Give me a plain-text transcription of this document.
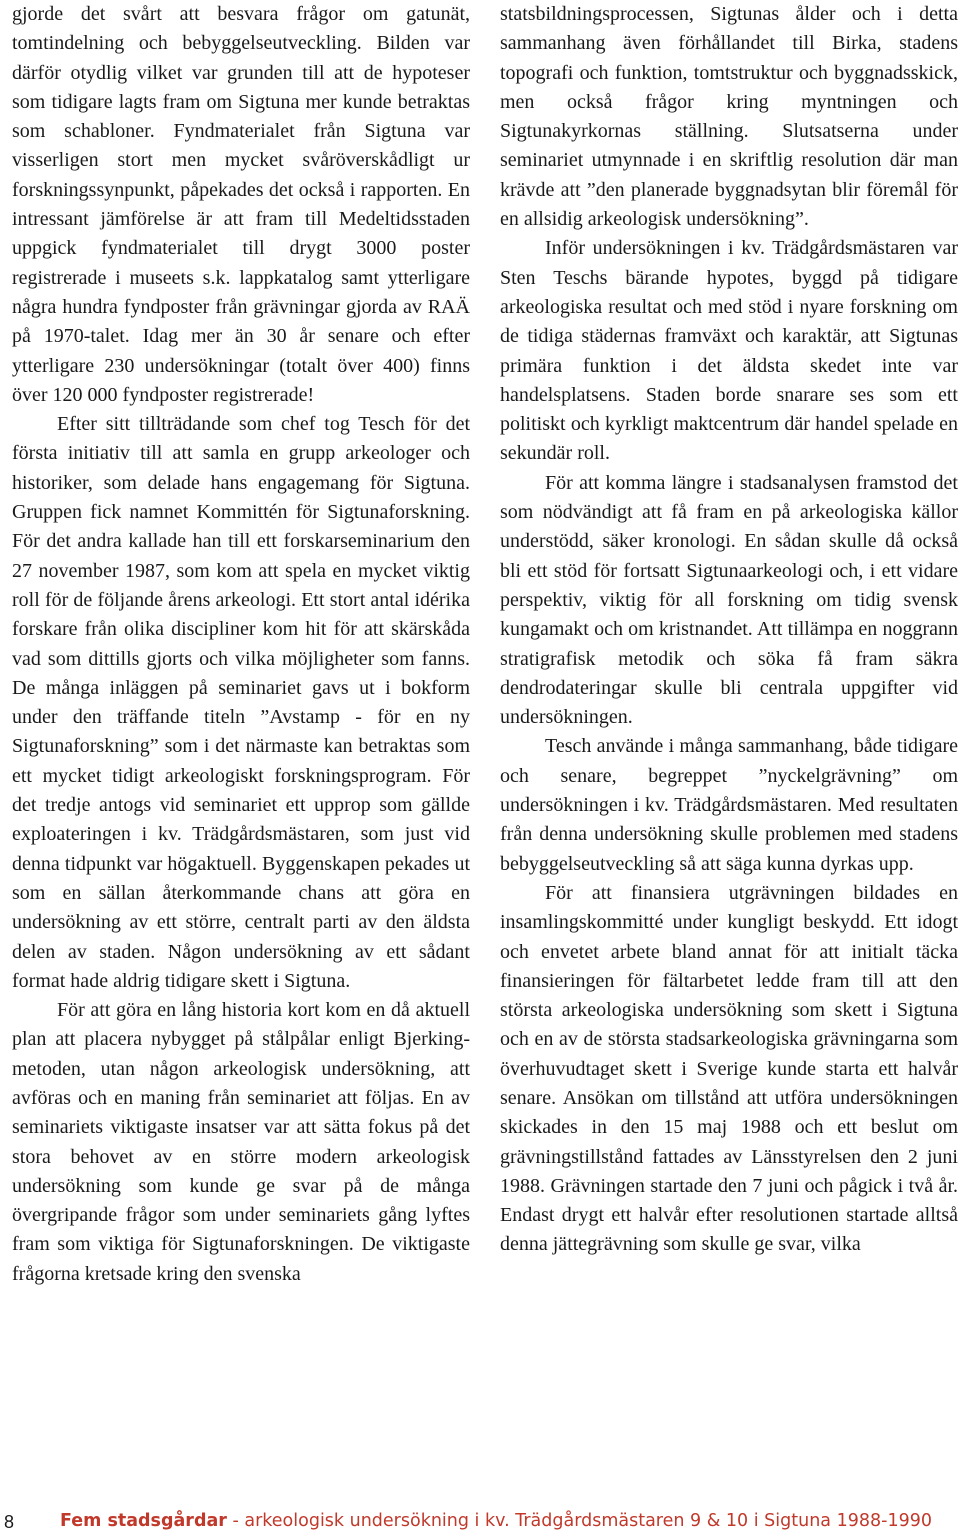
gjorde det svårt att besvara frågor om gatunät, tomtindelning och bebyggelseutveckling. Bilden var därför otydlig vilket var grunden till att de hypoteser som tidigare lagts fram om Sigtuna mer kunde betraktas som schabloner. Fyndmaterialet från Sigtuna var visserligen stort men mycket svåröverskådligt ur forskningssynpunkt, påpekades det också i rapporten. En intressant jämförelse är att fram till Medeltidsstaden uppgick fyndmaterialet till drygt 3000 poster registrerade i museets s.k. lappkatalog samt ytterligare några hundra fyndposter från grävningar gjorda av RAÄ på 1970-talet. Idag mer än 30 år senare och efter ytterligare 230 undersökningar (totalt över 400) finns över 120 000 fyndposter registrerade!

Efter sitt tillträdande som chef tog Tesch för det första initiativ till att samla en grupp arkeologer och historiker, som delade hans engagemang för Sigtuna. Gruppen fick namnet Kommittén för Sigtunaforskning. För det andra kallade han till ett forskarseminarium den 27 november 1987, som kom att spela en mycket viktig roll för de följande årens arkeologi. Ett stort antal idérika forskare från olika discipliner kom hit för att skärskåda vad som dittills gjorts och vilka möjligheter som fanns. De många inläggen på seminariet gavs ut i bokform under den träffande titeln ”Avstamp - för en ny Sigtunaforskning” som i det närmaste kan betraktas som ett mycket tidigt arkeologiskt forskningsprogram. För det tredje antogs vid seminariet ett upprop som gällde exploateringen i kv. Trädgårdsmästaren, som just vid denna tidpunkt var högaktuell. Byggenskapen pekades ut som en sällan återkommande chans att göra en undersökning av ett större, centralt parti av den äldsta delen av staden. Någon undersökning av ett sådant format hade aldrig tidigare skett i Sigtuna.

För att göra en lång historia kort kom en då aktuell plan att placera nybygget på stålpålar enligt Bjerking-metoden, utan någon arkeologisk undersökning, att avföras och en maning från seminariet att följas. En av seminariets viktigaste insatser var att sätta fokus på det stora behovet av en större modern arkeologisk undersökning som kunde ge svar på de många övergripande frågor som under seminariets gång lyftes fram som viktiga för Sigtunaforskningen. De viktigaste frågorna kretsade kring den svenska

statsbildningsprocessen, Sigtunas ålder och i detta sammanhang även förhållandet till Birka, stadens topografi och funktion, tomtstruktur och byggnadsskick, men också frågor kring myntningen och Sigtunakyrkornas ställning. Slutsatserna under seminariet utmynnade i en skriftlig resolution där man krävde att ”den planerade byggnadsytan blir föremål för en allsidig arkeologisk undersökning”.

Inför undersökningen i kv. Trädgårdsmästaren var Sten Teschs bärande hypotes, byggd på tidigare arkeologiska resultat och med stöd i nyare forskning om de tidiga städernas framväxt och karaktär, att Sigtunas primära funktion i det äldsta skedet inte var handelsplatsens. Staden borde snarare ses som ett politiskt och kyrkligt maktcentrum där handel spelade en sekundär roll.

För att komma längre i stadsanalysen framstod det som nödvändigt att få fram en på arkeologiska källor understödd, säker kronologi. En sådan skulle då också bli ett stöd för fortsatt Sigtunaarkeologi och, i ett vidare perspektiv, viktig för all forskning om tidig svensk kungamakt och om kristnandet. Att tillämpa en noggrann stratigrafisk metodik och söka få fram säkra dendrodateringar skulle bli centrala uppgifter vid undersökningen.

Tesch använde i många sammanhang, både tidigare och senare, begreppet ”nyckelgrävning” om undersökningen i kv. Trädgårdsmästaren. Med resultaten från denna undersökning skulle problemen med stadens bebyggelseutveckling så att säga kunna dyrkas upp.

För att finansiera utgrävningen bildades en insamlingskommitté under kungligt beskydd. Ett idogt och envetet arbete bland annat för att initialt täcka finansieringen för fältarbetet ledde fram till att den största arkeologiska undersökning som skett i Sigtuna och en av de största stadsarkeologiska grävningarna som överhuvudtaget skett i Sverige kunde starta ett halvår senare. Ansökan om tillstånd att utföra undersökningen skickades in den 15 maj 1988 och ett beslut om grävningstillstånd fattades av Länsstyrelsen den 2 juni 1988. Grävningen startade den 7 juni och pågick i två år. Endast drygt ett halvår efter resolutionen startade alltså denna jättegrävning som skulle ge svar, vilka

8	Fem stadsgårdar - arkeologisk undersökning i kv. Trädgårdsmästaren 9 & 10 i Sigtuna 1988-1990
